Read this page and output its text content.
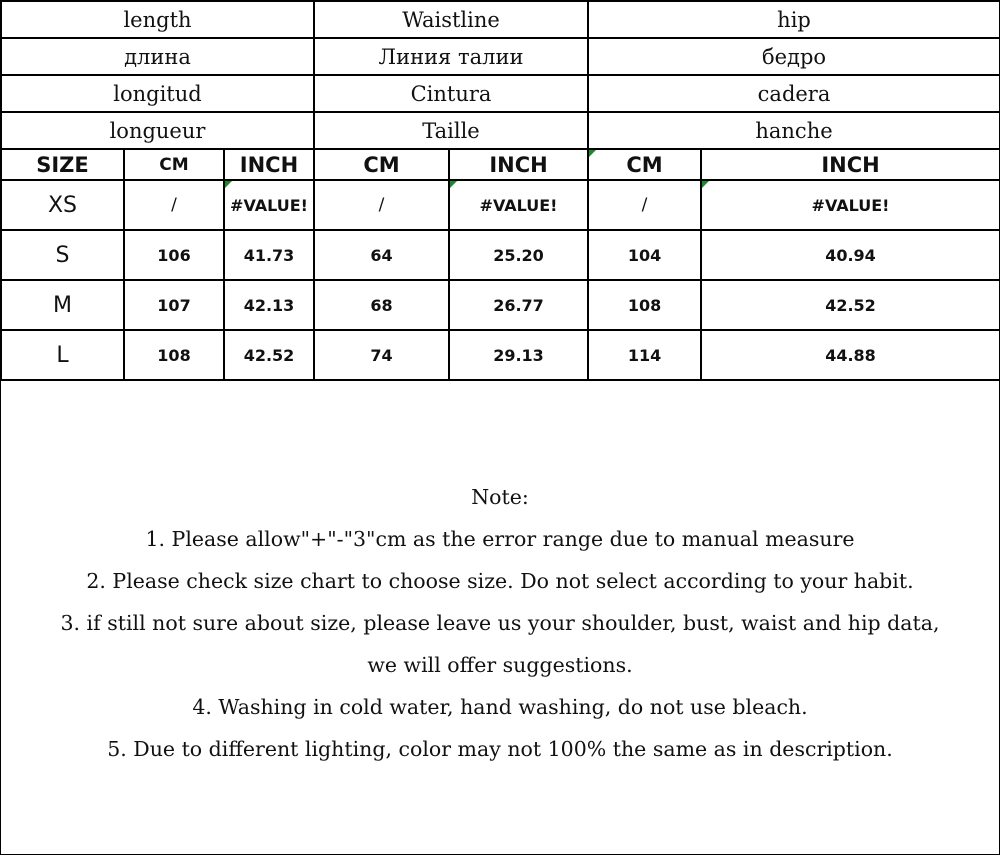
length			Waistline		hip	
длина			Линия талии		бедро	
longitud			Cintura		cadera	
longueur			Taille		hanche	
SIZE	CM	INCH	CM	INCH	CM	INCH
XS	/	#VALUE!	/	#VALUE!	/	#VALUE!
S	106	41.73	64	25.20	104	40.94
M	107	42.13	68	26.77	108	42.52
L	108	42.52	74	29.13	114	44.88
Note:
1. Please allow"+"-"3"cm as the error range due to manual measure
2. Please check size chart to choose size. Do not select according to your habit.
3. if still not sure about size, please leave us your shoulder, bust, waist and hip data,
we will offer suggestions.
4. Washing in cold water, hand washing, do not use bleach.
5. Due to different lighting, color may not 100% the same as in description.
